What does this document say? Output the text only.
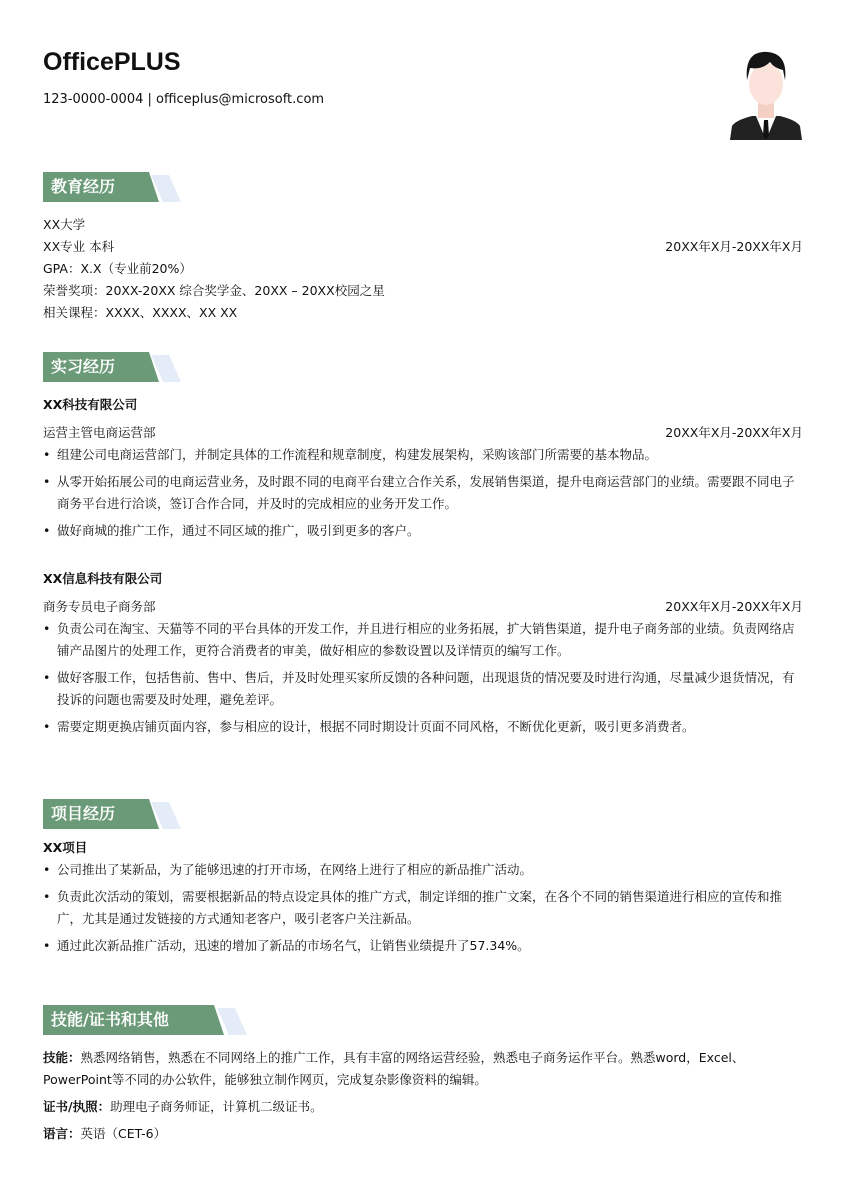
OfficePLUS
123-0000-0004 | officeplus@microsoft.com
教育经历
XX大学
XX专业 本科	20XX年X月-20XX年X月
GPA：X.X（专业前20%）
荣誉奖项：20XX-20XX 综合奖学金、20XX – 20XX校园之星
相关课程：XXXX、XXXX、XX XX
实习经历
XX科技有限公司
运营主管电商运营部	20XX年X月-20XX年X月
• 组建公司电商运营部门，并制定具体的工作流程和规章制度，构建发展架构，采购该部门所需要的基本物品。
• 从零开始拓展公司的电商运营业务，及时跟不同的电商平台建立合作关系，发展销售渠道，提升电商运营部门的业绩。需要跟不同电子商务平台进行洽谈，签订合作合同，并及时的完成相应的业务开发工作。
• 做好商城的推广工作，通过不同区域的推广，吸引到更多的客户。
XX信息科技有限公司
商务专员电子商务部	20XX年X月-20XX年X月
• 负责公司在淘宝、天猫等不同的平台具体的开发工作，并且进行相应的业务拓展，扩大销售渠道，提升电子商务部的业绩。负责网络店铺产品图片的处理工作，更符合消费者的审美，做好相应的参数设置以及详情页的编写工作。
• 做好客服工作，包括售前、售中、售后，并及时处理买家所反馈的各种问题，出现退货的情况要及时进行沟通，尽量减少退货情况，有投诉的问题也需要及时处理，避免差评。
• 需要定期更换店铺页面内容，参与相应的设计，根据不同时期设计页面不同风格，不断优化更新，吸引更多消费者。
项目经历
XX项目
• 公司推出了某新品，为了能够迅速的打开市场，在网络上进行了相应的新品推广活动。
• 负责此次活动的策划，需要根据新品的特点设定具体的推广方式，制定详细的推广文案，在各个不同的销售渠道进行相应的宣传和推广，尤其是通过发链接的方式通知老客户，吸引老客户关注新品。
• 通过此次新品推广活动，迅速的增加了新品的市场名气，让销售业绩提升了57.34%。
技能/证书和其他
技能：熟悉网络销售，熟悉在不同网络上的推广工作，具有丰富的网络运营经验，熟悉电子商务运作平台。熟悉word，Excel、PowerPoint等不同的办公软件，能够独立制作网页，完成复杂影像资料的编辑。
证书/执照：助理电子商务师证，计算机二级证书。
语言：英语（CET-6）
